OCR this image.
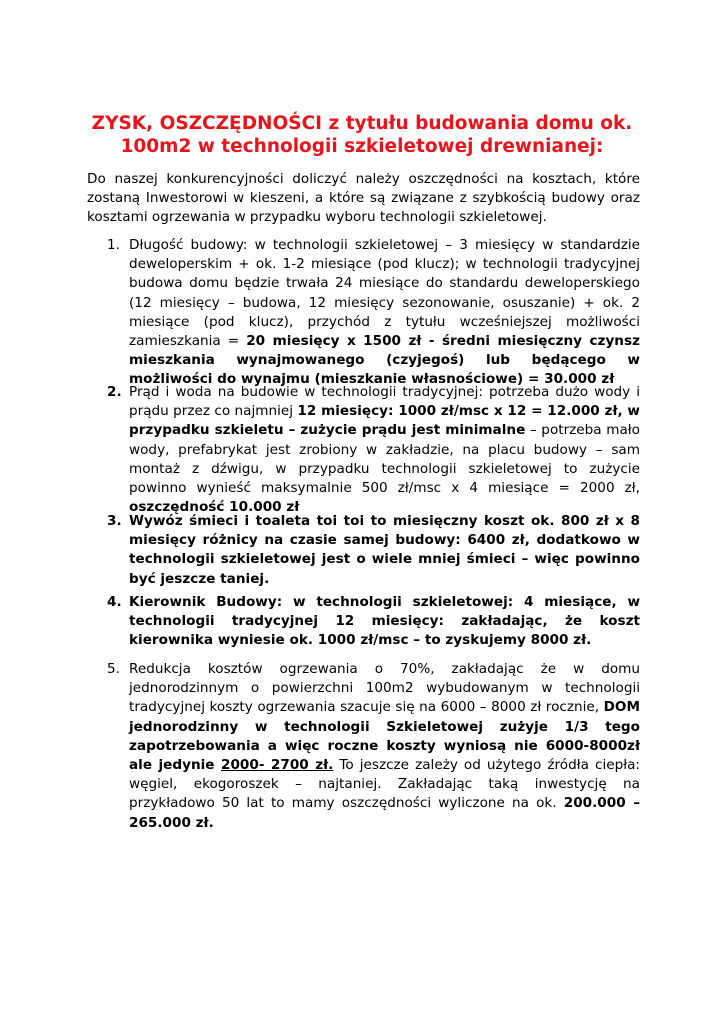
ZYSK, OSZCZĘDNOŚCI z tytułu budowania domu ok. 100m2 w technologii szkieletowej drewnianej:

Do naszej konkurencyjności doliczyć należy oszczędności na kosztach, które zostaną Inwestorowi w kieszeni, a które są związane z szybkością budowy oraz kosztami ogrzewania w przypadku wyboru technologii szkieletowej.

1. Długość budowy: w technologii szkieletowej – 3 miesięcy w standardzie deweloperskim + ok. 1-2 miesiące (pod klucz); w technologii tradycyjnej budowa domu będzie trwała 24 miesiące do standardu deweloperskiego (12 miesięcy – budowa, 12 miesięcy sezonowanie, osuszanie) + ok. 2 miesiące (pod klucz), przychód z tytułu wcześniejszej możliwości zamieszkania = 20 miesięcy x 1500 zł - średni miesięczny czynsz mieszkania wynajmowanego (czyjegoś) lub będącego w możliwości do wynajmu (mieszkanie własnościowe) = 30.000 zł

2. Prąd i woda na budowie w technologii tradycyjnej: potrzeba dużo wody i prądu przez co najmniej 12 miesięcy: 1000 zł/msc x 12 = 12.000 zł, w przypadku szkieletu – zużycie prądu jest minimalne – potrzeba mało wody, prefabrykat jest zrobiony w zakładzie, na placu budowy – sam montaż z dźwigu, w przypadku technologii szkieletowej to zużycie powinno wynieść maksymalnie 500 zł/msc x 4 miesiące = 2000 zł, oszczędność 10.000 zł

3. Wywóz śmieci i toaleta toi toi to miesięczny koszt ok. 800 zł x 8 miesięcy różnicy na czasie samej budowy: 6400 zł, dodatkowo w technologii szkieletowej jest o wiele mniej śmieci – więc powinno być jeszcze taniej.

4. Kierownik Budowy: w technologii szkieletowej: 4 miesiące, w technologii tradycyjnej 12 miesięcy: zakładając, że koszt kierownika wyniesie ok. 1000 zł/msc – to zyskujemy 8000 zł.

5. Redukcja kosztów ogrzewania o 70%, zakładając że w domu jednorodzinnym o powierzchni 100m2 wybudowanym w technologii tradycyjnej koszty ogrzewania szacuje się na 6000 – 8000 zł rocznie, DOM jednorodzinny w technologii Szkieletowej zużyje 1/3 tego zapotrzebowania a więc roczne koszty wyniosą nie 6000-8000zł ale jedynie 2000- 2700 zł. To jeszcze zależy od użytego źródła ciepła: węgiel, ekogoroszek – najtaniej. Zakładając taką inwestycję na przykładowo 50 lat to mamy oszczędności wyliczone na ok. 200.000 – 265.000 zł.
